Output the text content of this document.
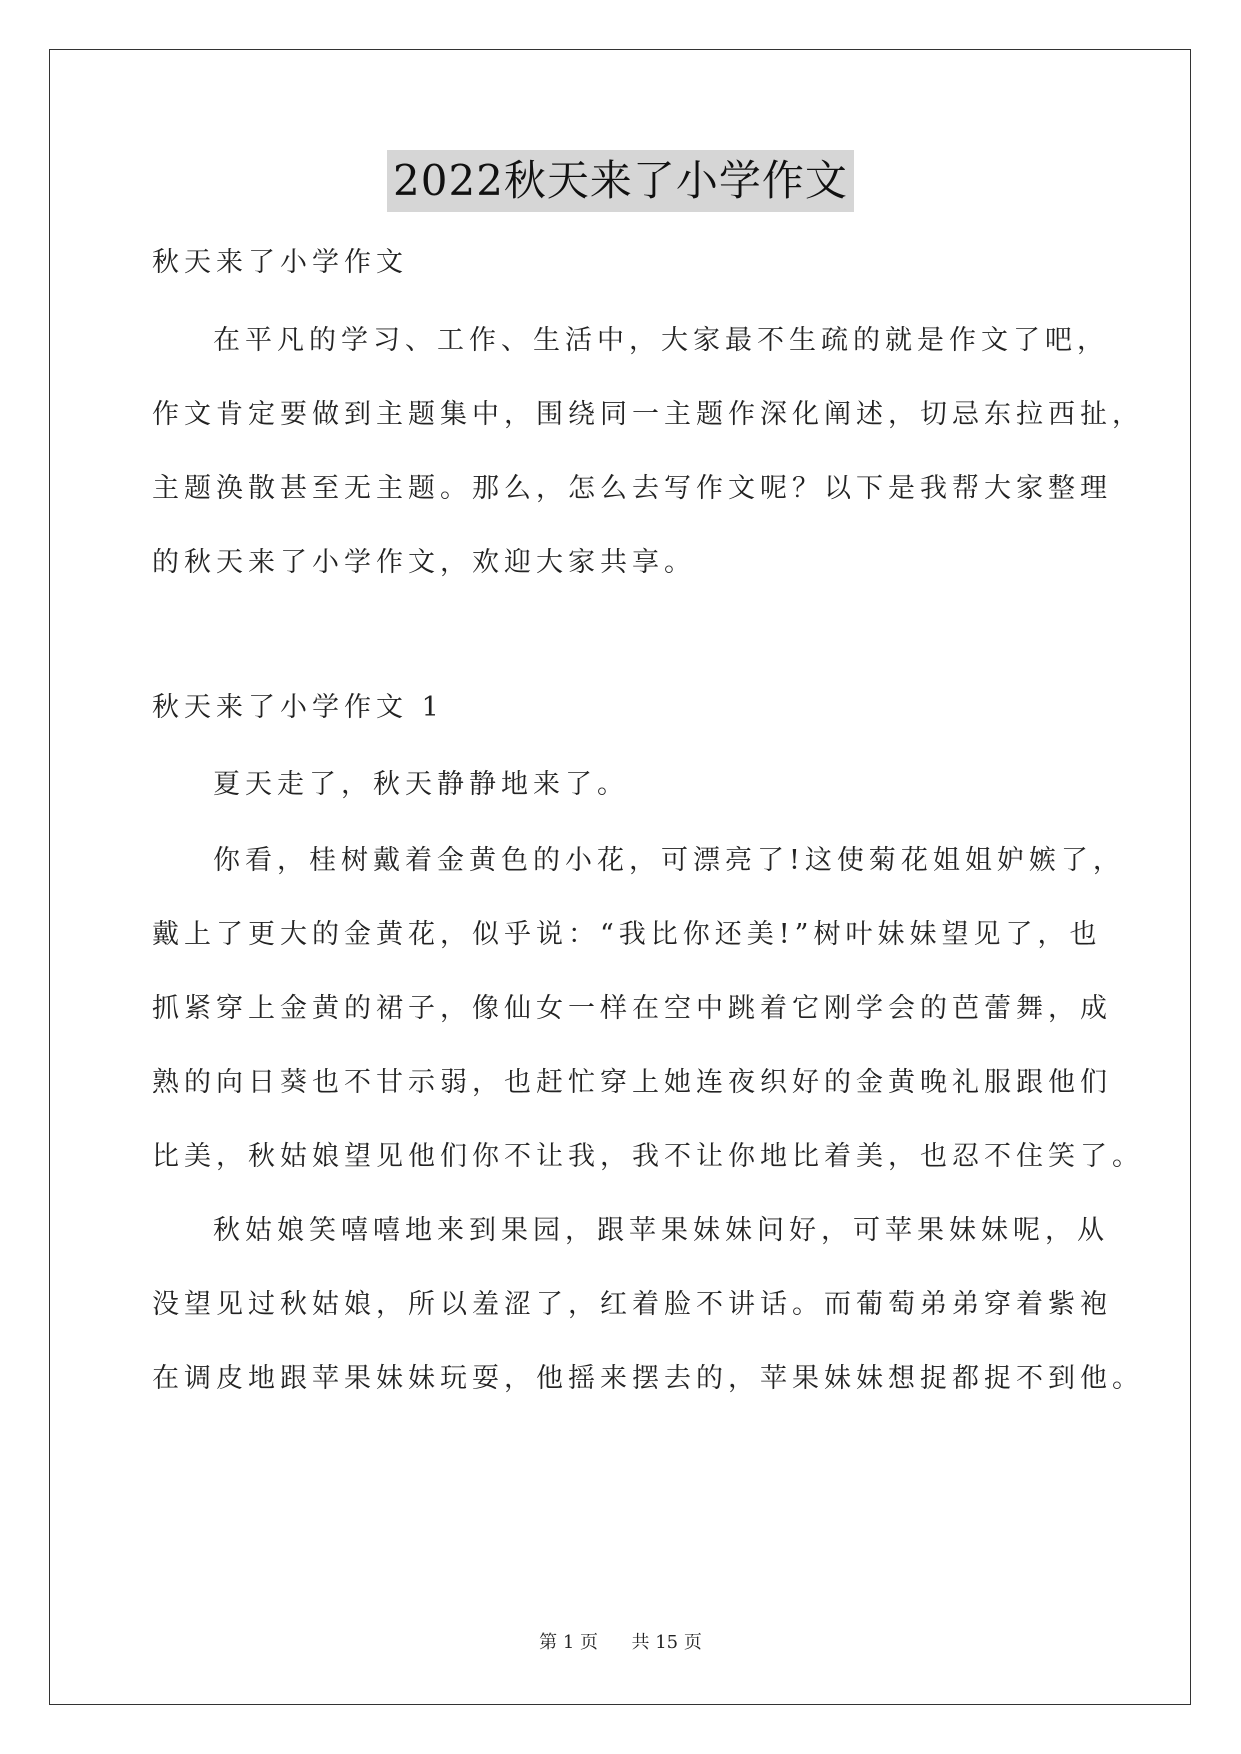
2022秋天来了小学作文
秋天来了小学作文
在平凡的学习、工作、生活中，大家最不生疏的就是作文了吧，
作文肯定要做到主题集中，围绕同一主题作深化阐述，切忌东拉西扯，
主题涣散甚至无主题。那么，怎么去写作文呢？以下是我帮大家整理
的秋天来了小学作文，欢迎大家共享。
秋天来了小学作文 1
夏天走了，秋天静静地来了。
你看，桂树戴着金黄色的小花，可漂亮了!这使菊花姐姐妒嫉了，
戴上了更大的金黄花，似乎说：“我比你还美!”树叶妹妹望见了，也
抓紧穿上金黄的裙子，像仙女一样在空中跳着它刚学会的芭蕾舞，成
熟的向日葵也不甘示弱，也赶忙穿上她连夜织好的金黄晚礼服跟他们
比美，秋姑娘望见他们你不让我，我不让你地比着美，也忍不住笑了。
秋姑娘笑嘻嘻地来到果园，跟苹果妹妹问好，可苹果妹妹呢，从
没望见过秋姑娘，所以羞涩了，红着脸不讲话。而葡萄弟弟穿着紫袍
在调皮地跟苹果妹妹玩耍，他摇来摆去的，苹果妹妹想捉都捉不到他。
第 1 页 共 15 页
